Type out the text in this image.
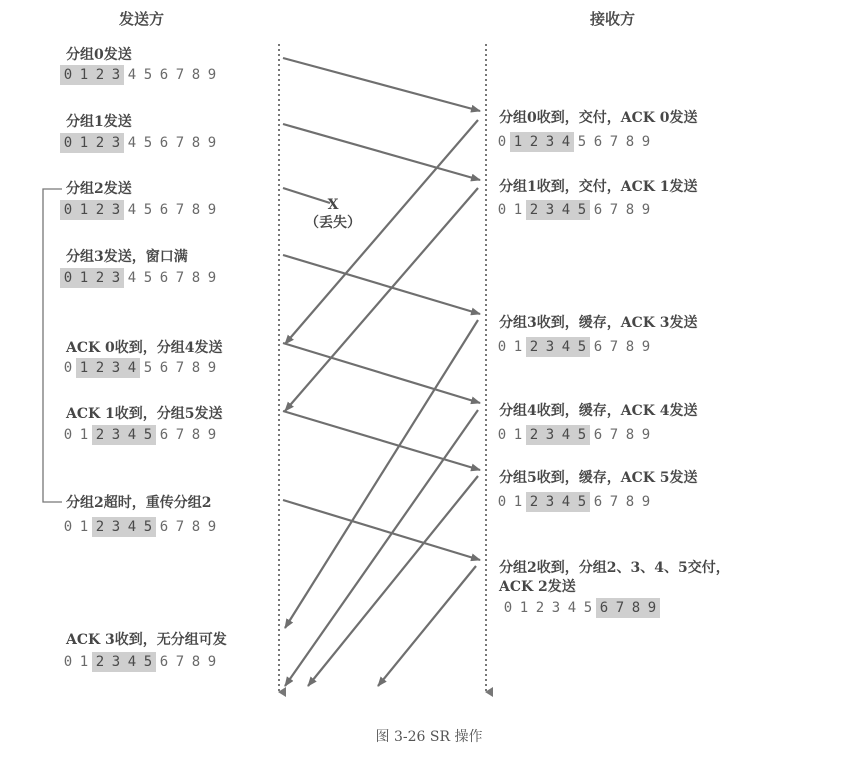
发送方	接收方
X
（丢失）
分组0发送
0 1 2 3 4 5 6 7 8 9
分组1发送
0 1 2 3 4 5 6 7 8 9
分组2发送
0 1 2 3 4 5 6 7 8 9
分组3发送，窗口满
0 1 2 3 4 5 6 7 8 9
ACK 0收到，分组4发送
0 1 2 3 4 5 6 7 8 9
ACK 1收到，分组5发送
0 1 2 3 4 5 6 7 8 9
分组2超时，重传分组2
0 1 2 3 4 5 6 7 8 9
ACK 3收到，无分组可发
0 1 2 3 4 5 6 7 8 9
分组0收到，交付，ACK 0发送
0 1 2 3 4 5 6 7 8 9
分组1收到，交付，ACK 1发送
0 1 2 3 4 5 6 7 8 9
分组3收到，缓存，ACK 3发送
0 1 2 3 4 5 6 7 8 9
分组4收到，缓存，ACK 4发送
0 1 2 3 4 5 6 7 8 9
分组5收到，缓存，ACK 5发送
0 1 2 3 4 5 6 7 8 9
分组2收到，分组2、3、4、5交付，
ACK 2发送
0 1 2 3 4 5 6 7 8 9
图 3-26 SR 操作
